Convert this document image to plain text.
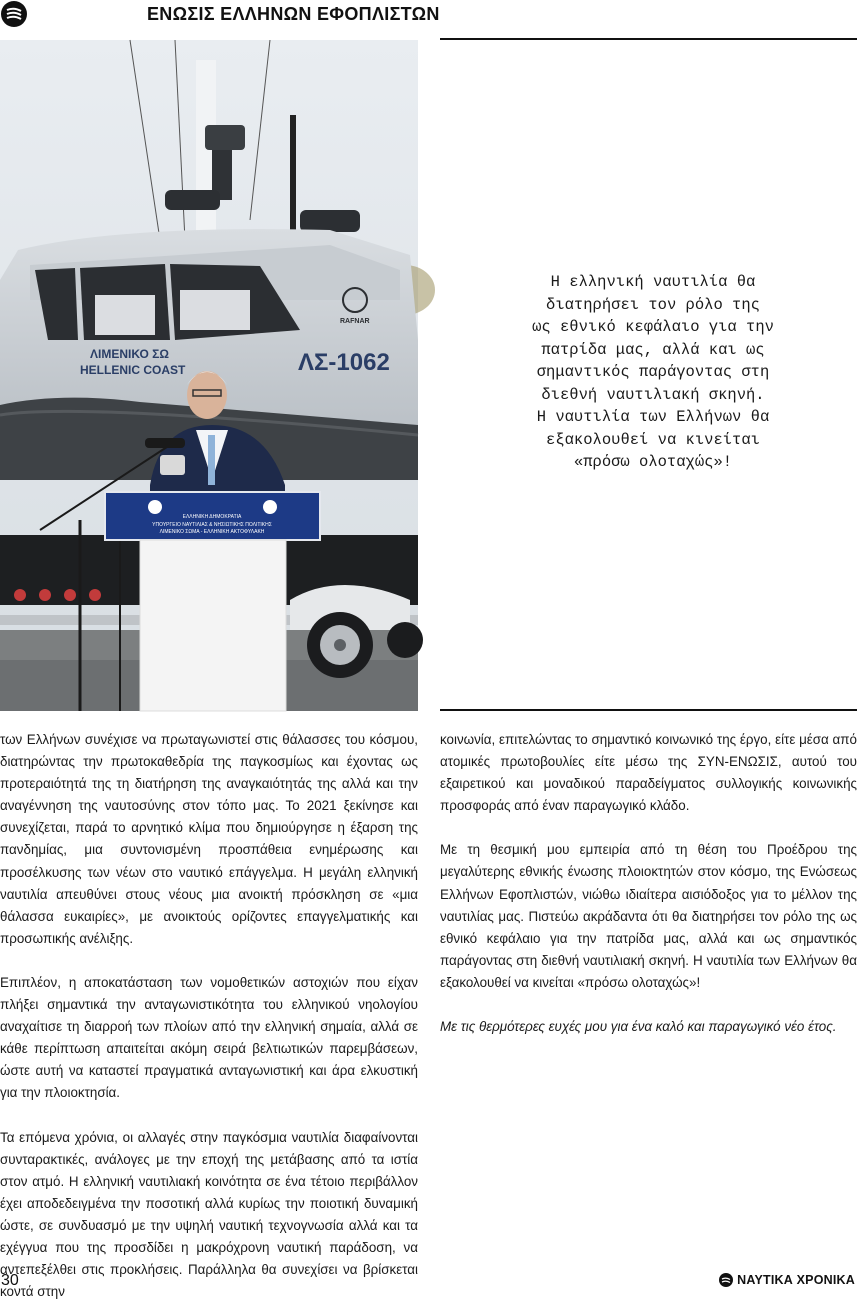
ΕΝΩΣΙΣ ΕΛΛΗΝΩΝ ΕΦΟΠΛΙΣΤΩΝ
RAFNAR
ΛΙΜΕΝΙΚΟ ΣΩ
HELLENIC COAST	ΛΣ-1062
ΕΛΛΗΝΙΚΗ ΔΗΜΟΚΡΑΤΙΑ
ΥΠΟΥΡΓΕΙΟ ΝΑΥΤΙΛΙΑΣ & ΝΗΣΙΩΤΙΚΗΣ ΠΟΛΙΤΙΚΗΣ
ΛΙΜΕΝΙΚΟ ΣΩΜΑ - ΕΛΛΗΝΙΚΗ ΑΚΤΟΦΥΛΑΚΗ
Η ελληνική ναυτιλία θα
διατηρήσει τον ρόλο της
ως εθνικό κεφάλαιο για την
πατρίδα μας, αλλά και ως
σημαντικός παράγοντας στη
διεθνή ναυτιλιακή σκηνή.
Η ναυτιλία των Ελλήνων θα
εξακολουθεί να κινείται
«πρόσω ολοταχώς»!

των Ελλήνων συνέχισε να πρωταγωνιστεί στις θάλασσες του κόσμου, διατηρώντας την πρωτοκαθεδρία της παγκοσμίως και έχοντας ως προτεραιότητά της τη διατήρηση της αναγκαιότητάς της αλλά και την αναγέννηση της ναυτοσύνης στον τόπο μας. Το 2021 ξεκίνησε και συνεχίζεται, παρά το αρνητικό κλίμα που δημιούργησε η έξαρση της πανδημίας, μια συντονισμένη προσπάθεια ενημέρωσης και προσέλκυσης των νέων στο ναυτικό επάγγελμα. Η μεγάλη ελληνική ναυτιλία απευθύνει στους νέους μια ανοικτή πρόσκληση σε «μια θάλασσα ευκαιρίες», με ανοικτούς ορίζοντες επαγγελματικής και προσωπικής ανέλιξης.

Επιπλέον, η αποκατάσταση των νομοθετικών αστοχιών που είχαν πλήξει σημαντικά την ανταγωνιστικότητα του ελληνικού νηολογίου αναχαίτισε τη διαρροή των πλοίων από την ελληνική σημαία, αλλά σε κάθε περίπτωση απαιτείται ακόμη σειρά βελτιωτικών παρεμβάσεων, ώστε αυτή να καταστεί πραγματικά ανταγωνιστική και άρα ελκυστική για την πλοιοκτησία.

Τα επόμενα χρόνια, οι αλλαγές στην παγκόσμια ναυτιλία διαφαίνονται συνταρακτικές, ανάλογες με την εποχή της μετάβασης από τα ιστία στον ατμό. Η ελληνική ναυτιλιακή κοινότητα σε ένα τέτοιο περιβάλλον έχει αποδεδειγμένα την ποσοτική αλλά κυρίως την ποιοτική δυναμική ώστε, σε συνδυασμό με την υψηλή ναυτική τεχνογνωσία αλλά και τα εχέγγυα που της προσδίδει η μακρόχρονη ναυτική παράδοση, να αντεπεξέλθει στις προκλήσεις. Παράλληλα θα συνεχίσει να βρίσκεται κοντά στην

κοινωνία, επιτελώντας το σημαντικό κοινωνικό της έργο, είτε μέσα από ατομικές πρωτοβουλίες είτε μέσω της ΣΥΝ-ΕΝΩΣΙΣ, αυτού του εξαιρετικού και μοναδικού παραδείγματος συλλογικής κοινωνικής προσφοράς από έναν παραγωγικό κλάδο.

Με τη θεσμική μου εμπειρία από τη θέση του Προέδρου της μεγαλύτερης εθνικής ένωσης πλοιοκτητών στον κόσμο, της Ενώσεως Ελλήνων Εφοπλιστών, νιώθω ιδιαίτερα αισιόδοξος για το μέλλον της ναυτιλίας μας. Πιστεύω ακράδαντα ότι θα διατηρήσει τον ρόλο της ως εθνικό κεφάλαιο για την πατρίδα μας, αλλά και ως σημαντικός παράγοντας στη διεθνή ναυτιλιακή σκηνή. Η ναυτιλία των Ελλήνων θα εξακολουθεί να κινείται «πρόσω ολοταχώς»!

Με τις θερμότερες ευχές μου για ένα καλό και παραγωγικό νέο έτος.

30	ΝΑΥΤΙΚΑ ΧΡΟΝΙΚΑ
